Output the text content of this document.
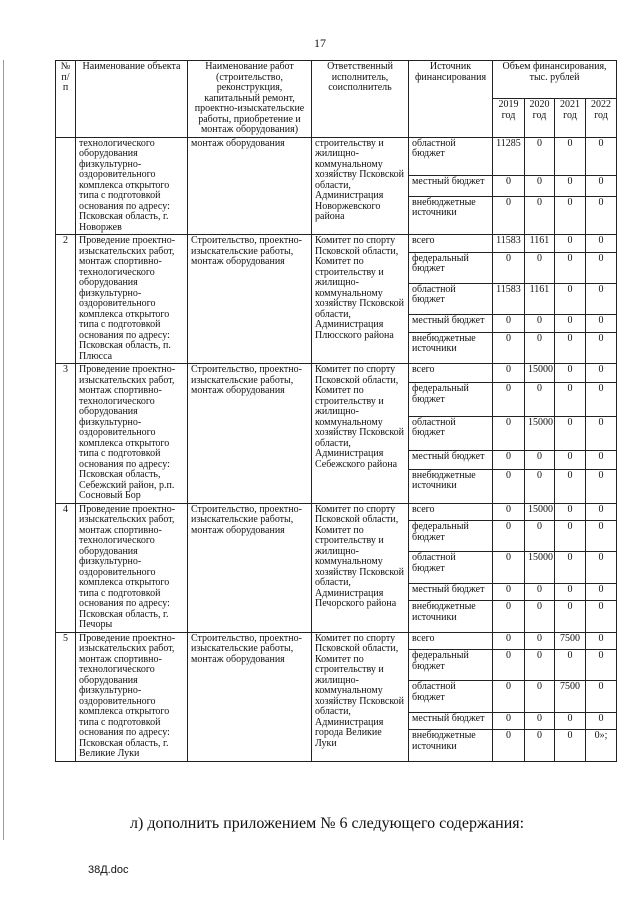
17
№ п/п	Наименование объекта	Наименование работ (строительство, реконструкция, капитальный ремонт, проектно-изыскательские работы, приобретение и монтаж оборудования)	Ответственный исполнитель, соисполнитель	Источник финансирования	Объем финансирования, тыс. рублей			
					2019 год	2020 год	2021 год	2022 год
	технологического оборудования физкультурно-оздоровительного комплекса открытого типа с подготовкой основания по адресу: Псковская область, г. Новоржев	монтаж оборудования	строительству и жилищно-коммунальному хозяйству Псковской области, Администрация Новоржевского района	областной бюджет	11285	0	0	0
				местный бюджет	0	0	0	0
				внебюджетные источники	0	0	0	0
2	Проведение проектно-изыскательских работ, монтаж спортивно-технологического оборудования физкультурно-оздоровительного комплекса открытого типа с подготовкой основания по адресу: Псковская область, п. Плюсса	Строительство, проектно-изыскательские работы, монтаж оборудования	Комитет по спорту Псковской области, Комитет по строительству и жилищно-коммунальному хозяйству Псковской области, Администрация Плюсского района	всего	11583	1161	0	0
				федеральный бюджет	0	0	0	0
				областной бюджет	11583	1161	0	0
				местный бюджет	0	0	0	0
				внебюджетные источники	0	0	0	0
3	Проведение проектно-изыскательских работ, монтаж спортивно-технологического оборудования физкультурно-оздоровительного комплекса открытого типа с подготовкой основания по адресу: Псковская область, Себежский район, р.п. Сосновый Бор	Строительство, проектно-изыскательские работы, монтаж оборудования	Комитет по спорту Псковской области, Комитет по строительству и жилищно-коммунальному хозяйству Псковской области, Администрация Себежского района	всего	0	15000	0	0
				федеральный бюджет	0	0	0	0
				областной бюджет	0	15000	0	0
				местный бюджет	0	0	0	0
				внебюджетные источники	0	0	0	0
4	Проведение проектно-изыскательских работ, монтаж спортивно-технологического оборудования физкультурно-оздоровительного комплекса открытого типа с подготовкой основания по адресу: Псковская область, г. Печоры	Строительство, проектно-изыскательские работы, монтаж оборудования	Комитет по спорту Псковской области, Комитет по строительству и жилищно-коммунальному хозяйству Псковской области, Администрация Печорского района	всего	0	15000	0	0
				федеральный бюджет	0	0	0	0
				областной бюджет	0	15000	0	0
				местный бюджет	0	0	0	0
				внебюджетные источники	0	0	0	0
5	Проведение проектно-изыскательских работ, монтаж спортивно-технологического оборудования физкультурно-оздоровительного комплекса открытого типа с подготовкой основания по адресу: Псковская область, г. Великие Луки	Строительство, проектно-изыскательские работы, монтаж оборудования	Комитет по спорту Псковской области, Комитет по строительству и жилищно-коммунальному хозяйству Псковской области, Администрация города Великие Луки	всего	0	0	7500	0
				федеральный бюджет	0	0	0	0
				областной бюджет	0	0	7500	0
				местный бюджет	0	0	0	0
				внебюджетные источники	0	0	0	0»;
л) дополнить приложением № 6 следующего содержания:
38Д.doc
